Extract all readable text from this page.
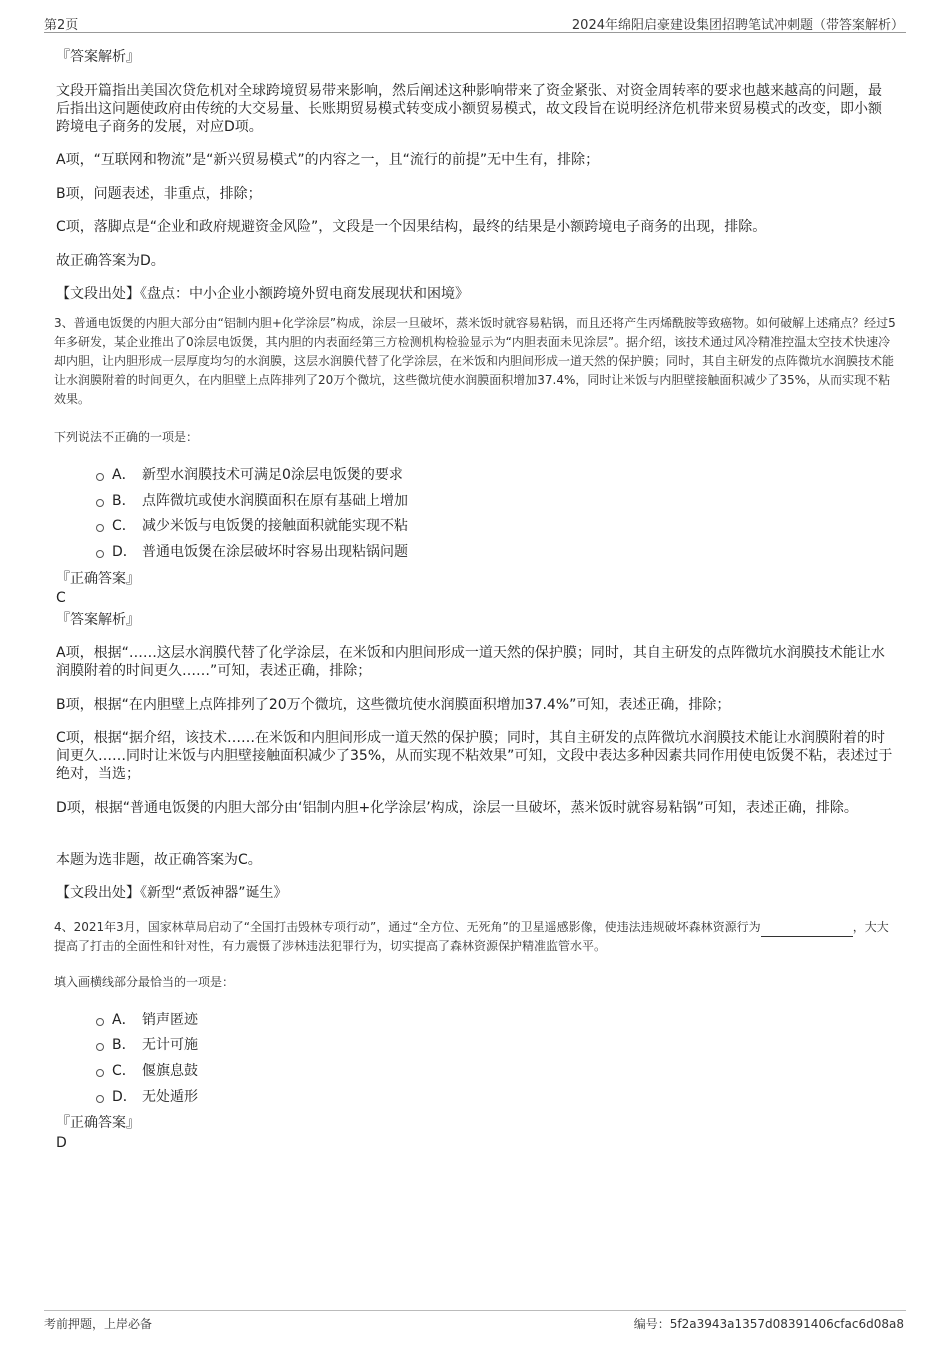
第2页	2024年绵阳启豪建设集团招聘笔试冲刺题（带答案解析）
『答案解析』
文段开篇指出美国次贷危机对全球跨境贸易带来影响，然后阐述这种影响带来了资金紧张、对资金周转率的要求也越来越高的问题，最后指出这问题使政府由传统的大交易量、长账期贸易模式转变成小额贸易模式，故文段旨在说明经济危机带来贸易模式的改变，即小额跨境电子商务的发展，对应D项。
A项，“互联网和物流”是“新兴贸易模式”的内容之一，且“流行的前提”无中生有，排除；
B项，问题表述，非重点，排除；
C项，落脚点是“企业和政府规避资金风险”，文段是一个因果结构，最终的结果是小额跨境电子商务的出现，排除。
故正确答案为D。
【文段出处】《盘点：中小企业小额跨境外贸电商发展现状和困境》
3、普通电饭煲的内胆大部分由“铝制内胆+化学涂层”构成，涂层一旦破坏，蒸米饭时就容易粘锅，而且还将产生丙烯酰胺等致癌物。如何破解上述痛点？经过5年多研发，某企业推出了0涂层电饭煲，其内胆的内表面经第三方检测机构检验显示为“内胆表面未见涂层”。据介绍，该技术通过风冷精准控温太空技术快速冷却内胆，让内胆形成一层厚度均匀的水润膜，这层水润膜代替了化学涂层，在米饭和内胆间形成一道天然的保护膜；同时，其自主研发的点阵微坑水润膜技术能让水润膜附着的时间更久，在内胆壁上点阵排列了20万个微坑，这些微坑使水润膜面积增加37.4%，同时让米饭与内胆壁接触面积减少了35%，从而实现不粘效果。
下列说法不正确的一项是：
A． 新型水润膜技术可满足0涂层电饭煲的要求
B． 点阵微坑或使水润膜面积在原有基础上增加
C． 减少米饭与电饭煲的接触面积就能实现不粘
D． 普通电饭煲在涂层破坏时容易出现粘锅问题
『正确答案』
C
『答案解析』
A项，根据“……这层水润膜代替了化学涂层，在米饭和内胆间形成一道天然的保护膜；同时，其自主研发的点阵微坑水润膜技术能让水润膜附着的时间更久……”可知，表述正确，排除；
B项，根据“在内胆壁上点阵排列了20万个微坑，这些微坑使水润膜面积增加37.4%”可知，表述正确，排除；
C项，根据“据介绍，该技术……在米饭和内胆间形成一道天然的保护膜；同时，其自主研发的点阵微坑水润膜技术能让水润膜附着的时间更久……同时让米饭与内胆壁接触面积减少了35%，从而实现不粘效果”可知，文段中表达多种因素共同作用使电饭煲不粘，表述过于绝对，当选；
D项，根据“普通电饭煲的内胆大部分由‘铝制内胆+化学涂层’构成，涂层一旦破坏，蒸米饭时就容易粘锅”可知，表述正确，排除。
本题为选非题，故正确答案为C。
【文段出处】《新型“煮饭神器”诞生》
4、2021年3月，国家林草局启动了“全国打击毁林专项行动”，通过“全方位、无死角”的卫星遥感影像，使违法违规破坏森林资源行为	，大大提高了打击的全面性和针对性，有力震慑了涉林违法犯罪行为，切实提高了森林资源保护精准监管水平。
填入画横线部分最恰当的一项是：
A． 销声匿迹
B． 无计可施
C． 偃旗息鼓
D． 无处遁形
『正确答案』
D
考前押题，上岸必备	编号：5f2a3943a1357d08391406cfac6d08a8
